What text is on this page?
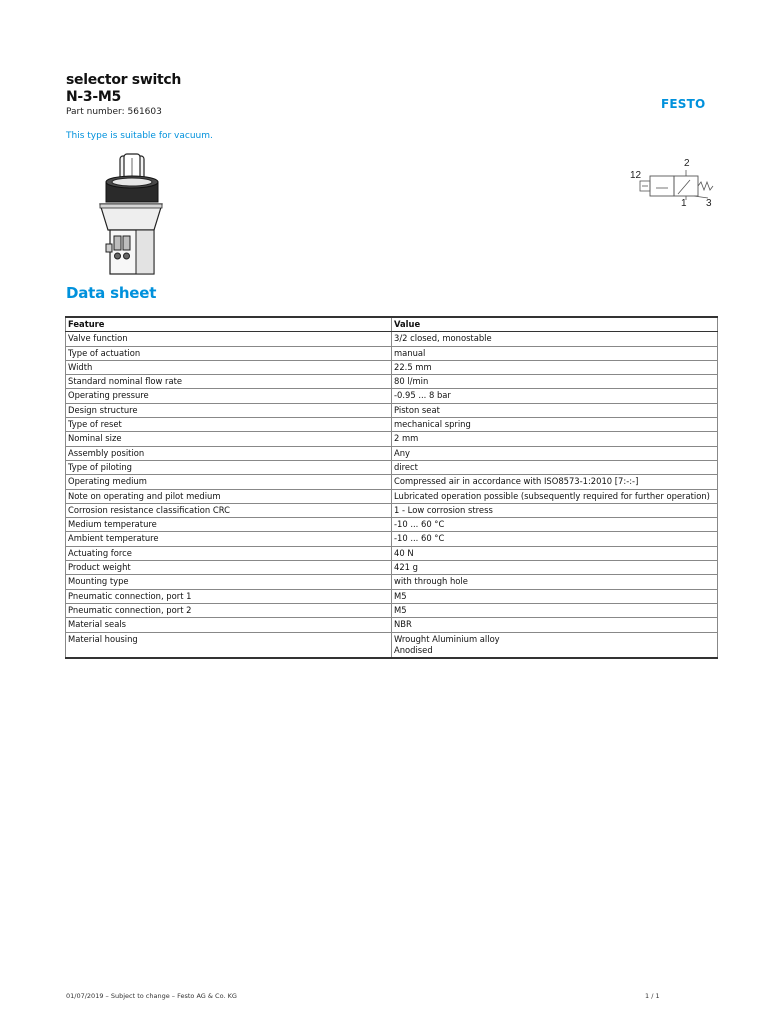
selector switch
N-3-M5
Part number: 561603
FESTO
This type is suitable for vacuum.
2
12
1 3
Data sheet
Feature	Value
Valve function	3/2 closed, monostable
Type of actuation	manual
Width	22.5 mm
Standard nominal flow rate	80 l/min
Operating pressure	-0.95 ... 8 bar
Design structure	Piston seat
Type of reset	mechanical spring
Nominal size	2 mm
Assembly position	Any
Type of piloting	direct
Operating medium	Compressed air in accordance with ISO8573-1:2010 [7:-:-]
Note on operating and pilot medium	Lubricated operation possible (subsequently required for further operation)
Corrosion resistance classification CRC	1 - Low corrosion stress
Medium temperature	-10 ... 60 °C
Ambient temperature	-10 ... 60 °C
Actuating force	40 N
Product weight	421 g
Mounting type	with through hole
Pneumatic connection, port 1	M5
Pneumatic connection, port 2	M5
Material seals	NBR
Material housing	Wrought Aluminium alloy
Anodised
01/07/2019 – Subject to change – Festo AG & Co. KG	1 / 1
